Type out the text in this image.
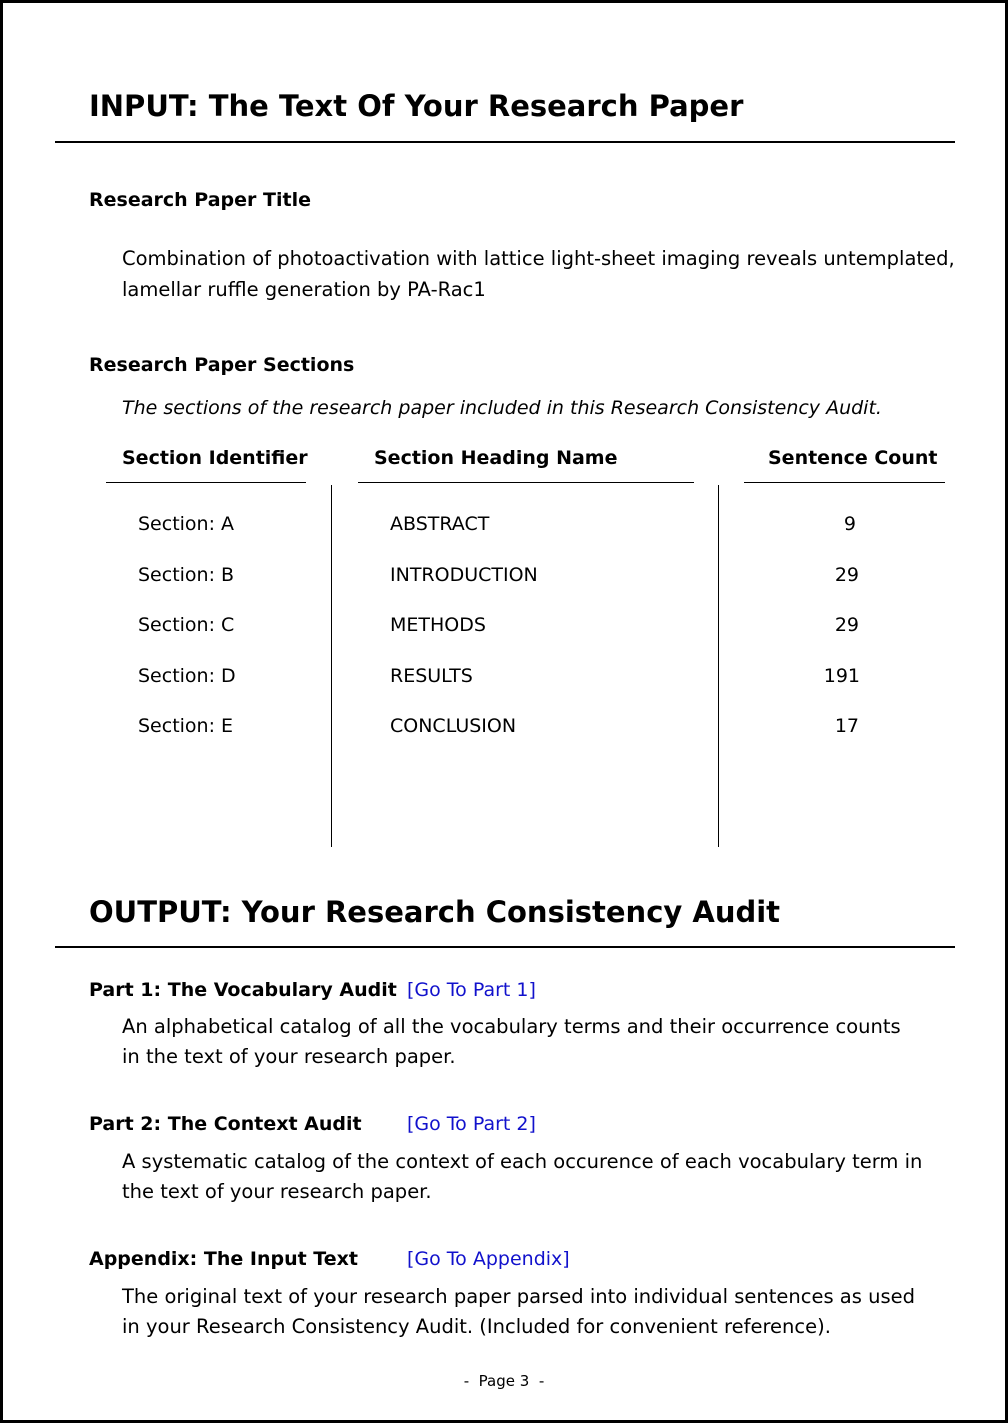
INPUT: The Text Of Your Research Paper
Research Paper Title
Combination of photoactivation with lattice light-sheet imaging reveals untemplated,
lamellar ruffle generation by PA-Rac1
Research Paper Sections
The sections of the research paper included in this Research Consistency Audit.
Section Identifier	Section Heading Name	Sentence Count
Section: A	ABSTRACT	9
Section: B	INTRODUCTION	29
Section: C	METHODS	29
Section: D	RESULTS	191
Section: E	CONCLUSION	17
OUTPUT: Your Research Consistency Audit
Part 1: The Vocabulary Audit [Go To Part 1]
An alphabetical catalog of all the vocabulary terms and their occurrence counts
in the text of your research paper.
Part 2: The Context Audit [Go To Part 2]
A systematic catalog of the context of each occurence of each vocabulary term in
the text of your research paper.
Appendix: The Input Text	[Go To Appendix]
The original text of your research paper parsed into individual sentences as used
in your Research Consistency Audit. (Included for convenient reference).
-  Page 3  -
